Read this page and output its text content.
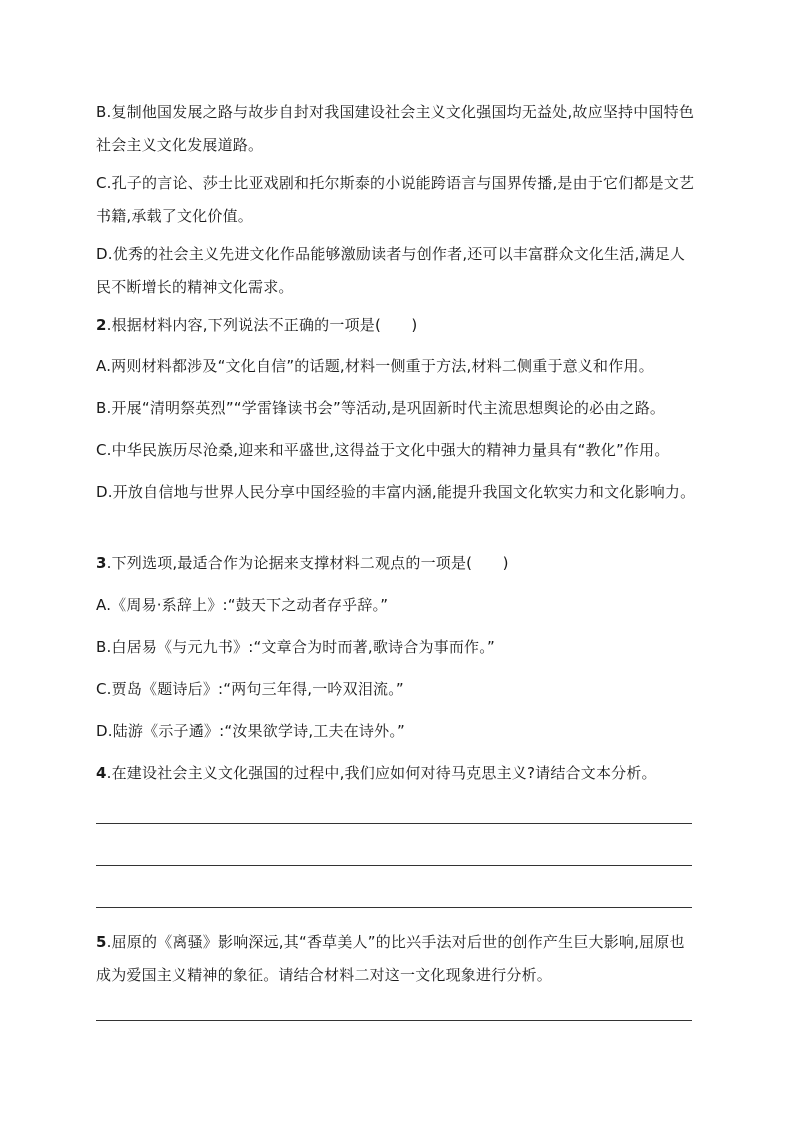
B.复制他国发展之路与故步自封对我国建设社会主义文化强国均无益处,故应坚持中国特色社会主义文化发展道路。
C.孔子的言论、莎士比亚戏剧和托尔斯泰的小说能跨语言与国界传播,是由于它们都是文艺书籍,承载了文化价值。
D.优秀的社会主义先进文化作品能够激励读者与创作者,还可以丰富群众文化生活,满足人民不断增长的精神文化需求。
2.根据材料内容,下列说法不正确的一项是(　　)
A.两则材料都涉及“文化自信”的话题,材料一侧重于方法,材料二侧重于意义和作用。
B.开展“清明祭英烈”“学雷锋读书会”等活动,是巩固新时代主流思想舆论的必由之路。
C.中华民族历尽沧桑,迎来和平盛世,这得益于文化中强大的精神力量具有“教化”作用。
D.开放自信地与世界人民分享中国经验的丰富内涵,能提升我国文化软实力和文化影响力。
3.下列选项,最适合作为论据来支撑材料二观点的一项是(　　)
A.《周易·系辞上》:“鼓天下之动者存乎辞。”
B.白居易《与元九书》:“文章合为时而著,歌诗合为事而作。”
C.贾岛《题诗后》:“两句三年得,一吟双泪流。”
D.陆游《示子遹》:“汝果欲学诗,工夫在诗外。”
4.在建设社会主义文化强国的过程中,我们应如何对待马克思主义?请结合文本分析。
5.屈原的《离骚》影响深远,其“香草美人”的比兴手法对后世的创作产生巨大影响,屈原也成为爱国主义精神的象征。请结合材料二对这一文化现象进行分析。
